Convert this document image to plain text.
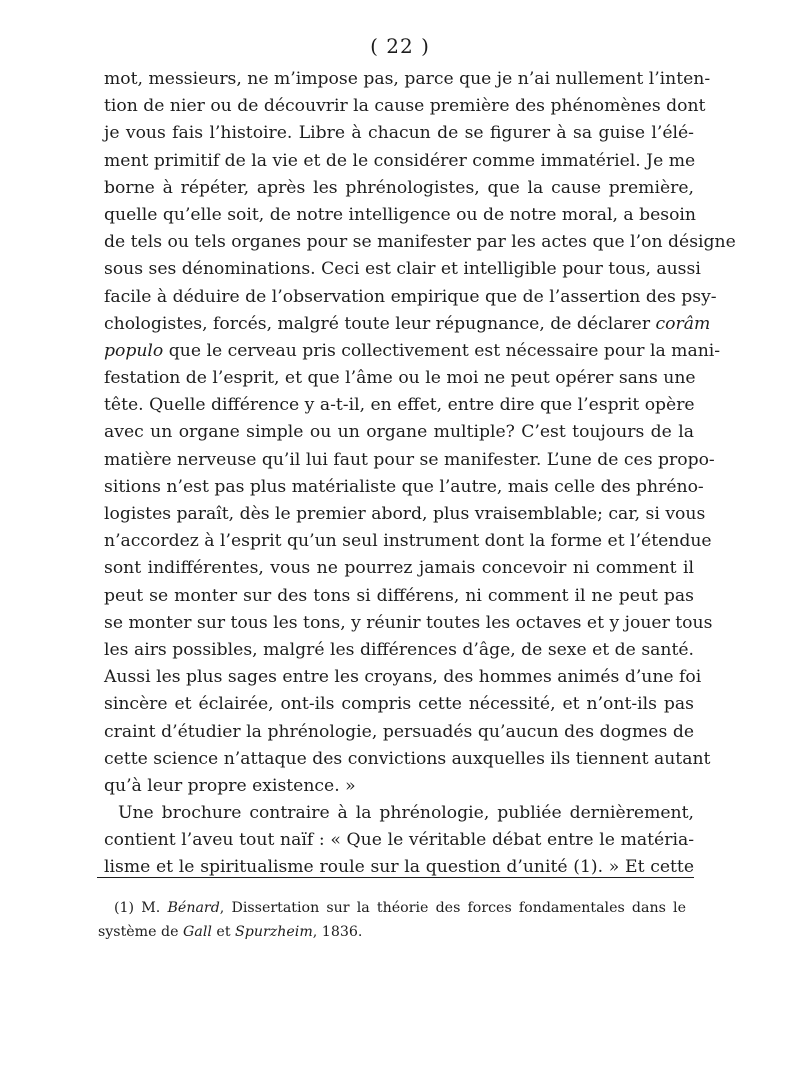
( 22 )
mot, messieurs, ne m’impose pas, parce que je n’ai nullement l’inten-
tion de nier ou de découvrir la cause première des phénomènes dont
je vous fais l’histoire. Libre à chacun de se figurer à sa guise l’élé-
ment primitif de la vie et de le considérer comme immatériel. Je me
borne à répéter, après les phrénologistes, que la cause première,
quelle qu’elle soit, de notre intelligence ou de notre moral, a besoin
de tels ou tels organes pour se manifester par les actes que l’on désigne
sous ses dénominations. Ceci est clair et intelligible pour tous, aussi
facile à déduire de l’observation empirique que de l’assertion des psy-
chologistes, forcés, malgré toute leur répugnance, de déclarer corâm
populo que le cerveau pris collectivement est nécessaire pour la mani-
festation de l’esprit, et que l’âme ou le moi ne peut opérer sans une
tête. Quelle différence y a-t-il, en effet, entre dire que l’esprit opère
avec un organe simple ou un organe multiple? C’est toujours de la
matière nerveuse qu’il lui faut pour se manifester. L’une de ces propo-
sitions n’est pas plus matérialiste que l’autre, mais celle des phréno-
logistes paraît, dès le premier abord, plus vraisemblable; car, si vous
n’accordez à l’esprit qu’un seul instrument dont la forme et l’étendue
sont indifférentes, vous ne pourrez jamais concevoir ni comment il
peut se monter sur des tons si différens, ni comment il ne peut pas
se monter sur tous les tons, y réunir toutes les octaves et y jouer tous
les airs possibles, malgré les différences d’âge, de sexe et de santé.
Aussi les plus sages entre les croyans, des hommes animés d’une foi
sincère et éclairée, ont-ils compris cette nécessité, et n’ont-ils pas
craint d’étudier la phrénologie, persuadés qu’aucun des dogmes de
cette science n’attaque des convictions auxquelles ils tiennent autant
qu’à leur propre existence. »
Une brochure contraire à la phrénologie, publiée dernièrement,
contient l’aveu tout naïf : « Que le véritable débat entre le matéria-
lisme et le spiritualisme roule sur la question d’unité (1). » Et cette
(1) M. Bénard, Dissertation sur la théorie des forces fondamentales dans le
système de Gall et Spurzheim, 1836.
